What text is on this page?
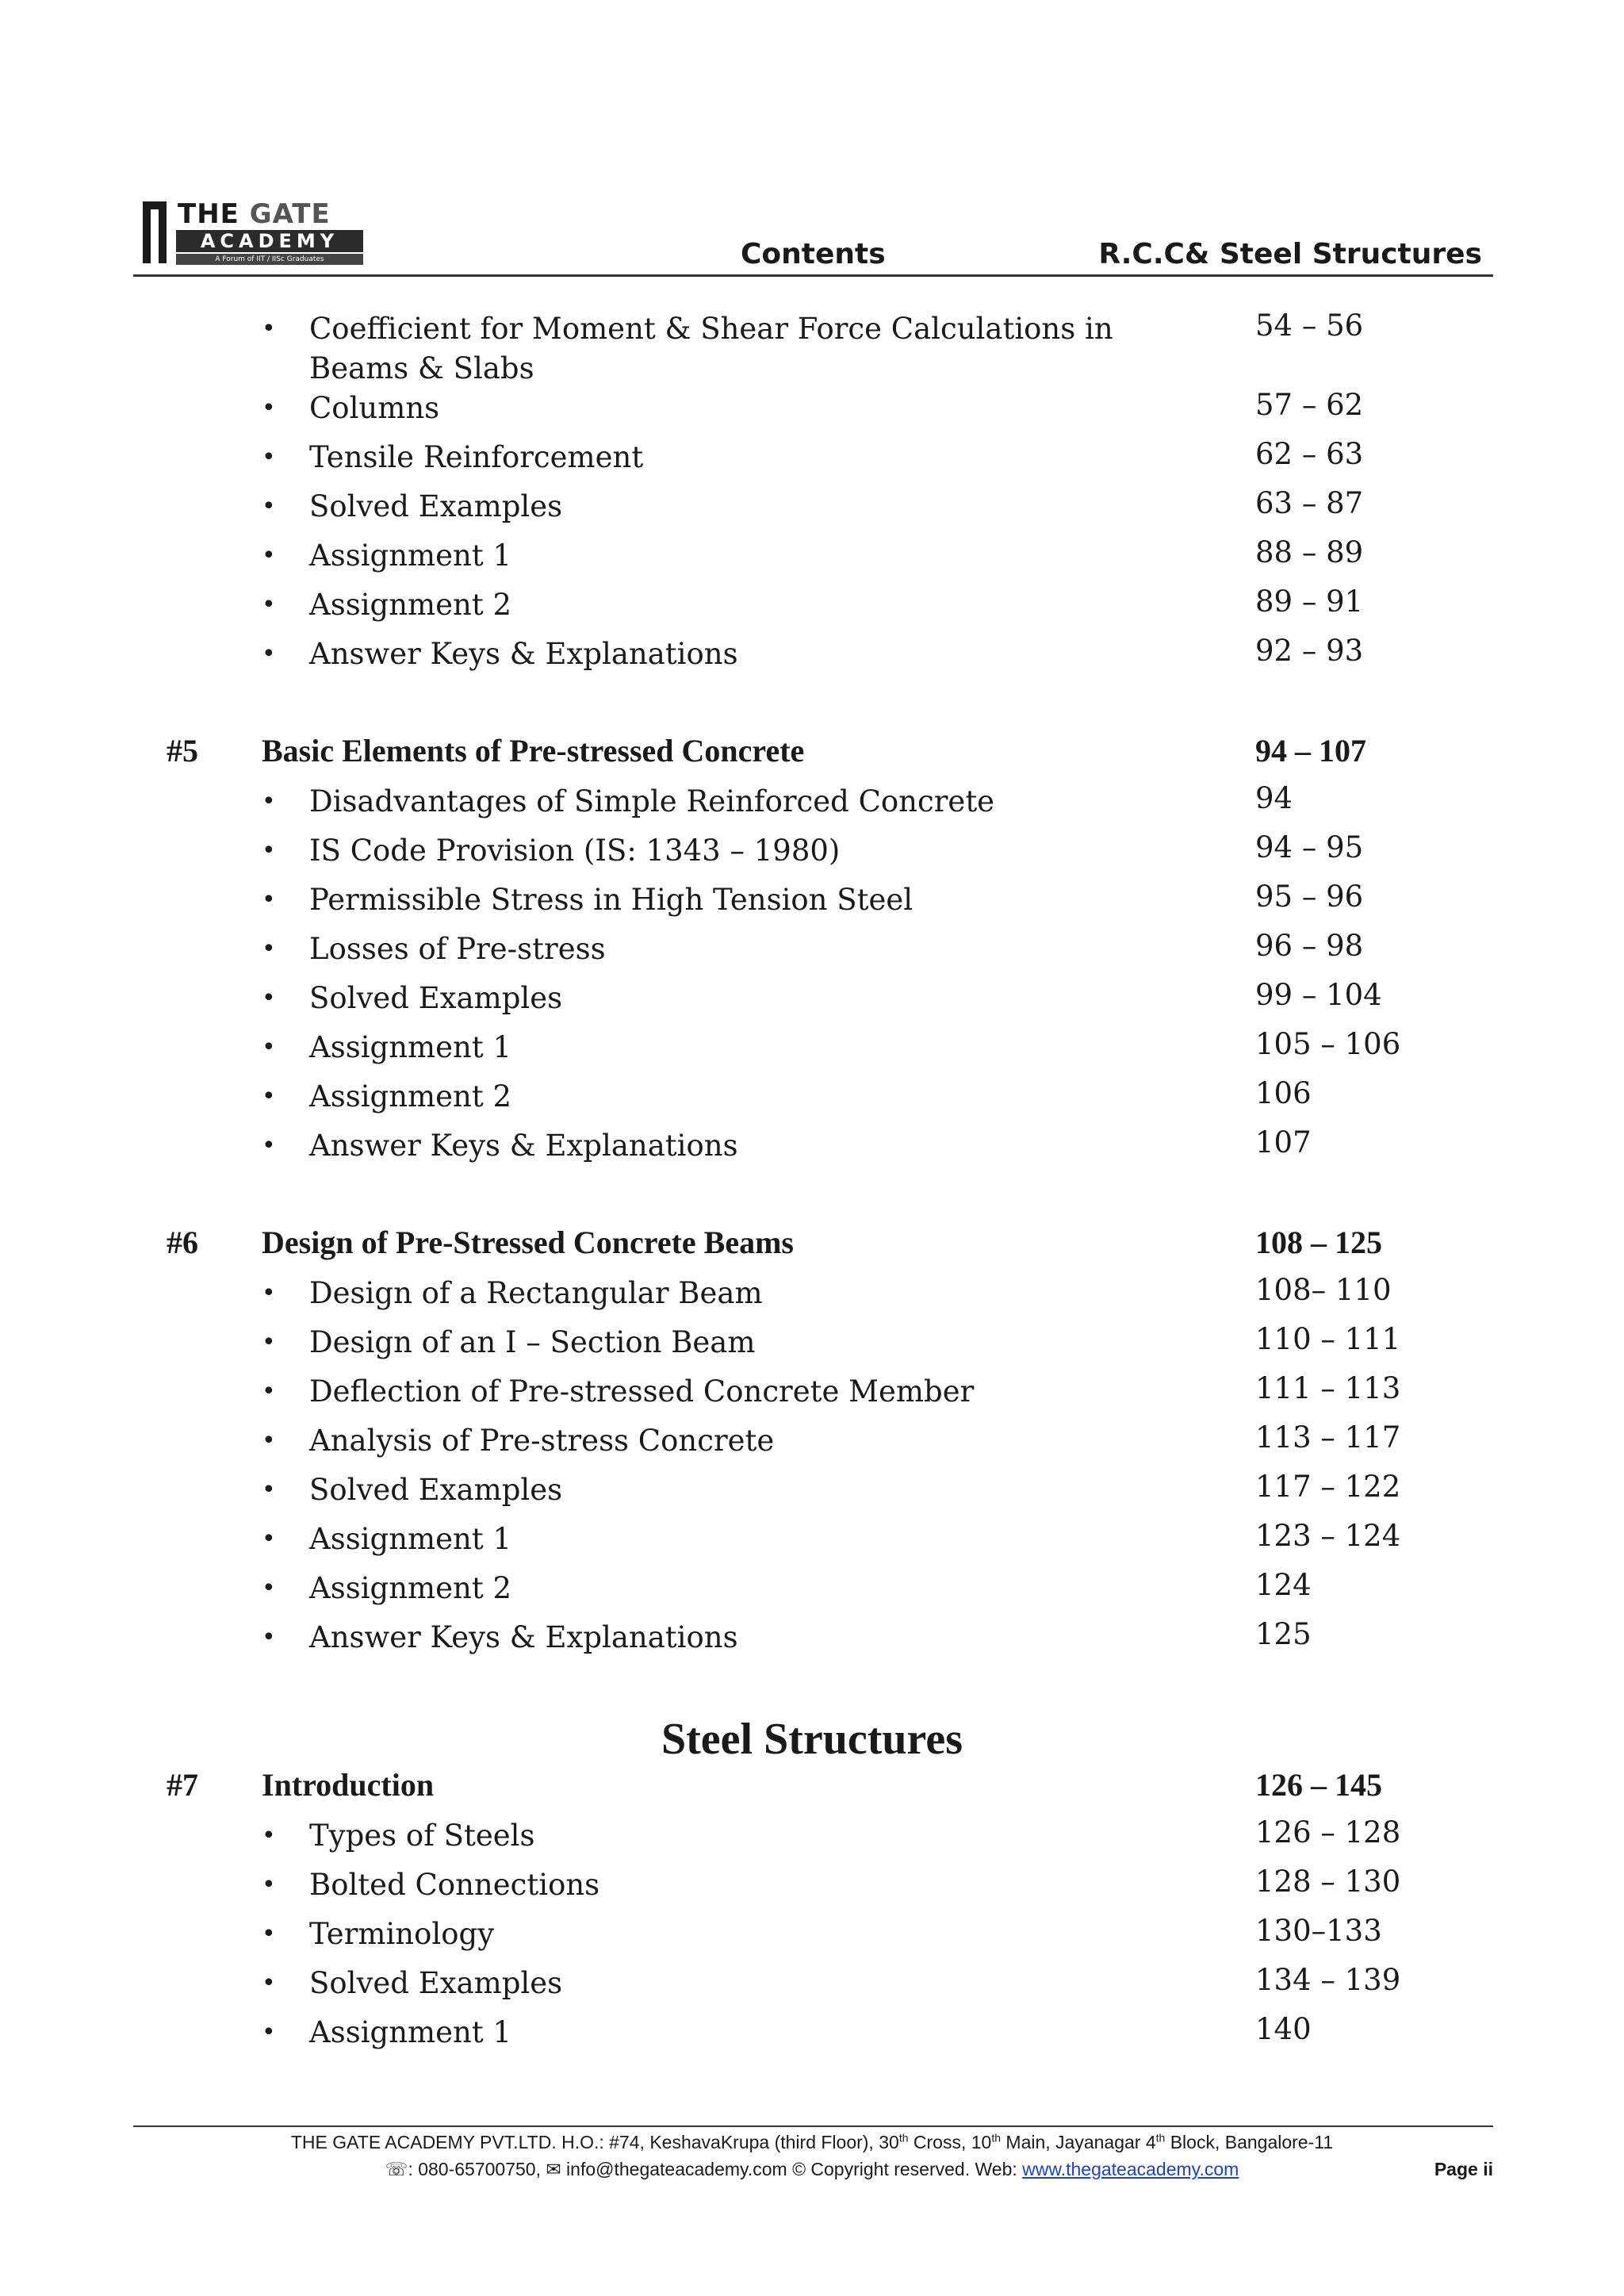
THE GATE
ACADEMY
A Forum of IIT / IISc Graduates	Contents	R.C.C& Steel Structures
• Coefficient for Moment & Shear Force Calculations in Beams & Slabs
54 – 56
• Columns	57 – 62
• Tensile Reinforcement	62 – 63
• Solved Examples	63 – 87
• Assignment 1	88 – 89
• Assignment 2	89 – 91
• Answer Keys & Explanations	92 – 93
#5 Basic Elements of Pre-stressed Concrete	94 – 107
• Disadvantages of Simple Reinforced Concrete	94
• IS Code Provision (IS: 1343 – 1980)	94 – 95
• Permissible Stress in High Tension Steel	95 – 96
• Losses of Pre-stress	96 – 98
• Solved Examples	99 – 104
• Assignment 1	105 – 106
• Assignment 2	106
• Answer Keys & Explanations	107
#6 Design of Pre-Stressed Concrete Beams	108 – 125
• Design of a Rectangular Beam	108– 110
• Design of an I – Section Beam	110 – 111
• Deflection of Pre-stressed Concrete Member	111 – 113
• Analysis of Pre-stress Concrete	113 – 117
• Solved Examples	117 – 122
• Assignment 1	123 – 124
• Assignment 2	124
• Answer Keys & Explanations	125
Steel Structures
#7 Introduction	126 – 145
• Types of Steels	126 – 128
• Bolted Connections	128 – 130
• Terminology	130–133
• Solved Examples	134 – 139
• Assignment 1	140
THE GATE ACADEMY PVT.LTD. H.O.: #74, KeshavaKrupa (third Floor), 30th Cross, 10th Main, Jayanagar 4th Block, Bangalore-11
☏: 080-65700750, ✉ info@thegateacademy.com © Copyright reserved. Web: www.thegateacademy.com	Page ii
